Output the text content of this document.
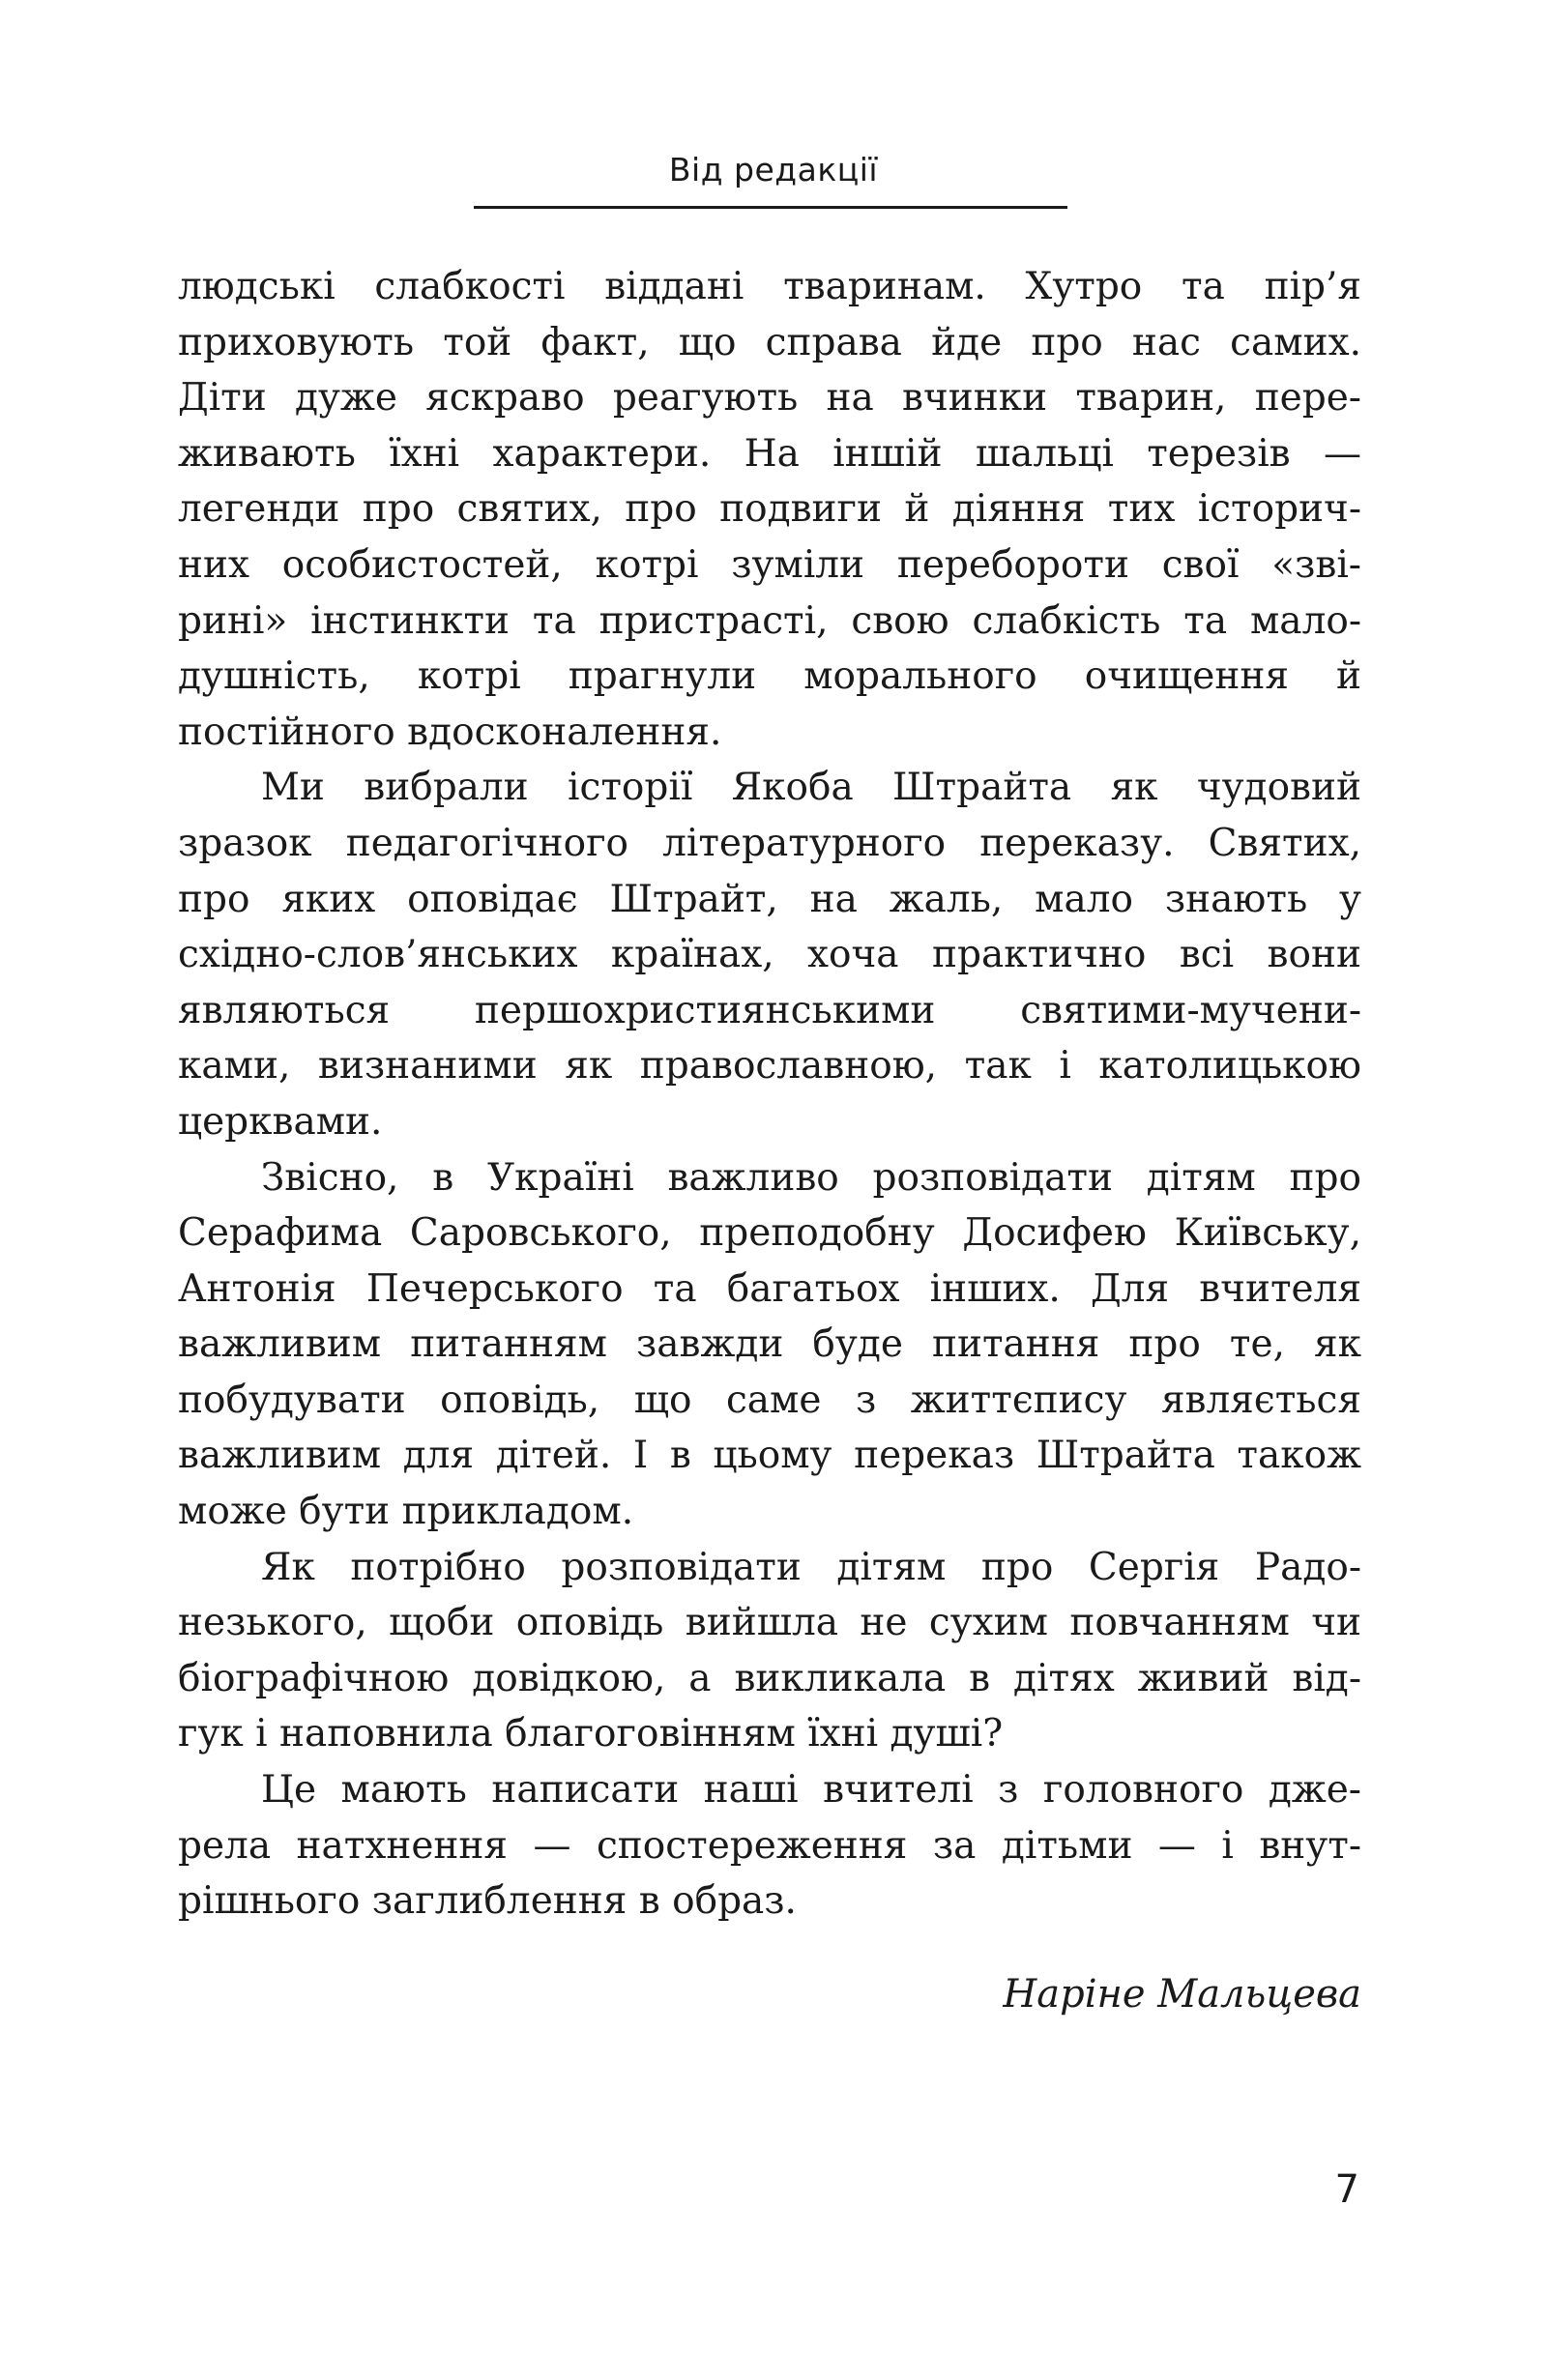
Від редакції
людські слабкості віддані тваринам. Хутро та пір’я
приховують той факт, що справа йде про нас самих.
Діти дуже яскраво реагують на вчинки тварин, пере-
живають їхні характери. На іншій шальці терезів —
легенди про святих, про подвиги й діяння тих історич-
них особистостей, котрі зуміли перебороти свої «зві-
рині» інстинкти та пристрасті, свою слабкість та мало-
душність, котрі прагнули морального очищення й
постійного вдосконалення.
Ми вибрали історії Якоба Штрайта як чудовий
зразок педагогічного літературного переказу. Святих,
про яких оповідає Штрайт, на жаль, мало знають у
східно-слов’янських країнах, хоча практично всі вони
являються першохристиянськими святими-мучени-
ками, визнаними як православною, так і католицькою
церквами.
Звісно, в Україні важливо розповідати дітям про
Серафима Саровського, преподобну Досифею Київську,
Антонія Печерського та багатьох інших. Для вчителя
важливим питанням завжди буде питання про те, як
побудувати оповідь, що саме з життєпису являється
важливим для дітей. І в цьому переказ Штрайта також
може бути прикладом.
Як потрібно розповідати дітям про Сергія Радо-
незького, щоби оповідь вийшла не сухим повчанням чи
біографічною довідкою, а викликала в дітях живий від-
гук і наповнила благоговінням їхні душі?
Це мають написати наші вчителі з головного дже-
рела натхнення — спостереження за дітьми — і внут-
рішнього заглиблення в образ.
Наріне Мальцева
7
